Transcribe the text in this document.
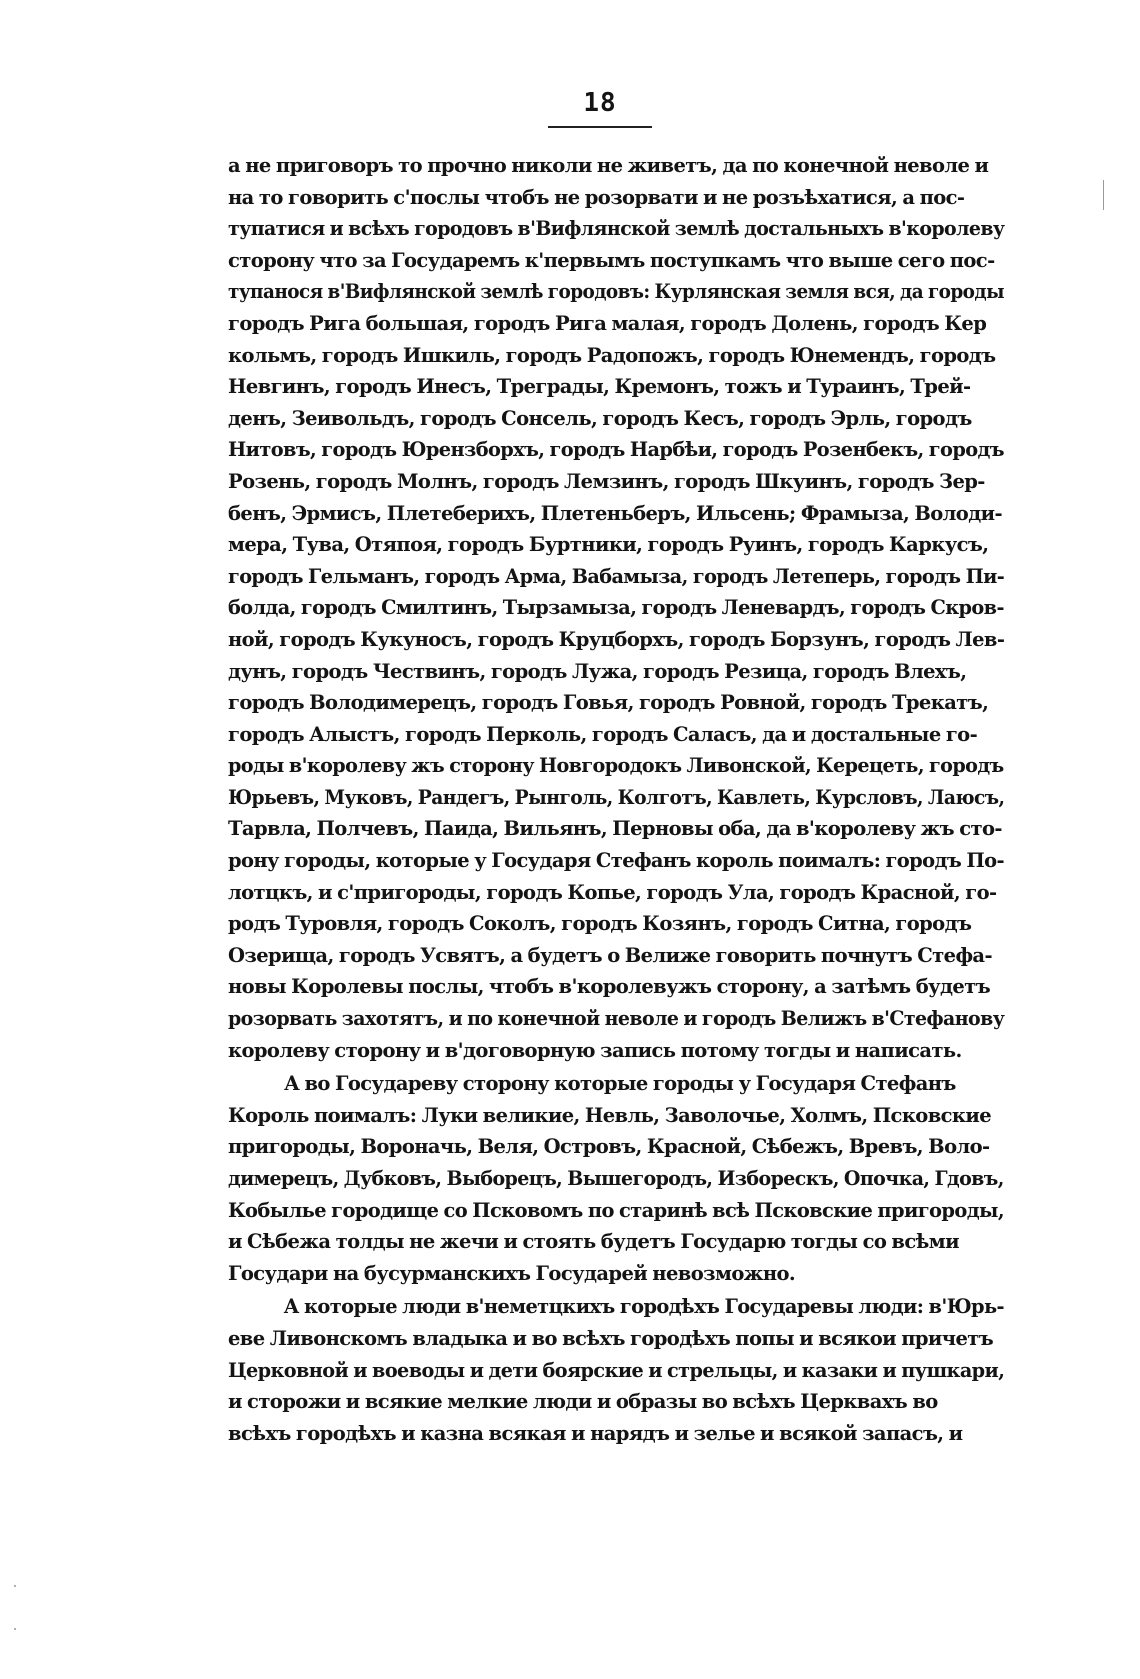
18
а не приговоръ то прочно николи не живетъ, да по конечной неволе и
на то говорить с'послы чтобъ не розорвати и не розъѣхатися, а пос-
тупатися и всѣхъ городовъ в'Вифлянской землѣ достальныхъ в'королеву
сторону что за Государемъ к'первымъ поступкамъ что выше сего пос-
тупанося в'Вифлянской землѣ городовъ: Курлянская земля вся, да городы
городъ Рига большая, городъ Рига малая, городъ Долень, городъ Кер
кольмъ, городъ Ишкиль, городъ Радопожъ, городъ Юнемендъ, городъ
Невгинъ, городъ Инесъ, Треграды, Кремонъ, тожъ и Тураинъ, Трей-
денъ, Зеивольдъ, городъ Сонсель, городъ Кесъ, городъ Эрль, городъ
Нитовъ, городъ Юрензборхъ, городъ Нарбѣи, городъ Розенбекъ, городъ
Розень, городъ Молнъ, городъ Лемзинъ, городъ Шкуинъ, городъ Зер-
бенъ, Эрмисъ, Плетеберихъ, Плетеньберъ, Ильсень; Фрамыза, Володи-
мера, Тува, Отяпоя, городъ Буртники, городъ Руинъ, городъ Каркусъ,
городъ Гельманъ, городъ Арма, Вабамыза, городъ Летеперь, городъ Пи-
болда, городъ Смилтинъ, Тырзамыза, городъ Леневардъ, городъ Скров-
ной, городъ Кукуносъ, городъ Круцборхъ, городъ Борзунъ, городъ Лев-
дунъ, городъ Чествинъ, городъ Лужа, городъ Резица, городъ Влехъ,
городъ Володимерецъ, городъ Говья, городъ Ровной, городъ Трекатъ,
городъ Алыстъ, городъ Перколь, городъ Саласъ, да и достальные го-
роды в'королеву жъ сторону Новгородокъ Ливонской, Керецеть, городъ
Юрьевъ, Муковъ, Рандегъ, Рынголь, Колготъ, Кавлеть, Курсловъ, Лаюсъ,
Тарвла, Полчевъ, Паида, Вильянъ, Перновы оба, да в'королеву жъ сто-
рону городы, которые у Государя Стефанъ король поималъ: городъ По-
лотцкъ, и с'пригороды, городъ Копье, городъ Ула, городъ Красной, го-
родъ Туровля, городъ Соколъ, городъ Козянъ, городъ Ситна, городъ
Озерища, городъ Усвятъ, а будетъ о Велиже говорить почнутъ Стефа-
новы Королевы послы, чтобъ в'королевужъ сторону, а затѣмъ будетъ
розорвать захотятъ, и по конечной неволе и городъ Велижъ в'Стефанову
королеву сторону и в'договорную запись потому тогды и написать.
А во Государеву сторону которые городы у Государя Стефанъ
Король поималъ: Луки великие, Невль, Заволочье, Холмъ, Псковские
пригороды, Вороначь, Веля, Островъ, Красной, Сѣбежъ, Вревъ, Воло-
димерецъ, Дубковъ, Выборецъ, Вышегородъ, Избореcкъ, Опочка, Гдовъ,
Кобылье городище со Псковомъ по старинѣ всѣ Псковские пригороды,
и Сѣбежа толды не жечи и стоять будетъ Государю тогды со всѣми
Государи на бусурманскихъ Государей невозможно.
А которые люди в'неметцкихъ городѣхъ Государевы люди: в'Юрь-
еве Ливонскомъ владыка и во всѣхъ городѣхъ попы и всякои причетъ
Церковной и воеводы и дети боярские и стрельцы, и казаки и пушкари,
и сторожи и всякие мелкие люди и образы во всѣхъ Церквахъ во
всѣхъ городѣхъ и казна всякая и нарядъ и зелье и всякой запасъ, и
